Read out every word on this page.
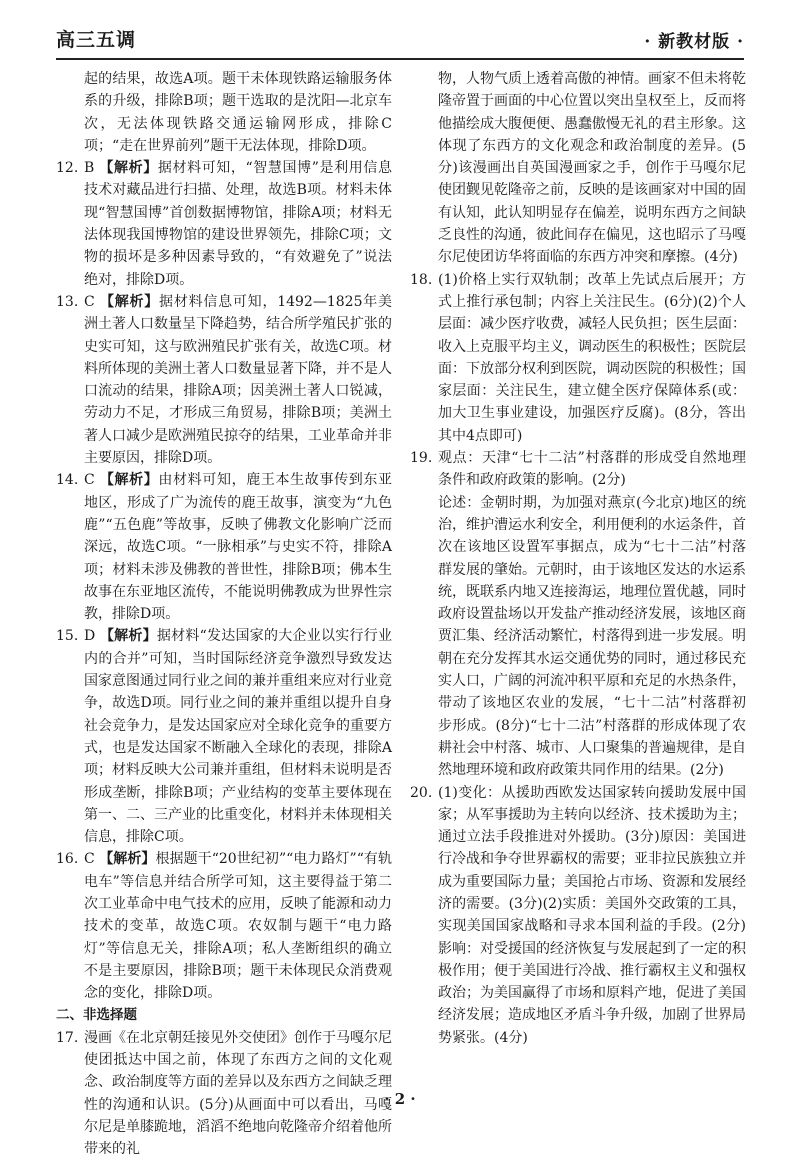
高三五调	· 新教材版 ·
起的结果，故选A项。题干未体现铁路运输服务体系的升级，排除B项；题干选取的是沈阳—北京车次，无法体现铁路交通运输网形成，排除C项；“走在世界前列”题干无法体现，排除D项。
12. B 【解析】据材料可知，“智慧国博”是利用信息技术对藏品进行扫描、处理，故选B项。材料未体现“智慧国博”首创数据博物馆，排除A项；材料无法体现我国博物馆的建设世界领先，排除C项；文物的损坏是多种因素导致的，“有效避免了”说法绝对，排除D项。
13. C 【解析】据材料信息可知，1492—1825年美洲土著人口数量呈下降趋势，结合所学殖民扩张的史实可知，这与欧洲殖民扩张有关，故选C项。材料所体现的美洲土著人口数量显著下降，并不是人口流动的结果，排除A项；因美洲土著人口锐减，劳动力不足，才形成三角贸易，排除B项；美洲土著人口减少是欧洲殖民掠夺的结果，工业革命并非主要原因，排除D项。
14. C 【解析】由材料可知，鹿王本生故事传到东亚地区，形成了广为流传的鹿王故事，演变为“九色鹿”“五色鹿”等故事，反映了佛教文化影响广泛而深远，故选C项。“一脉相承”与史实不符，排除A项；材料未涉及佛教的普世性，排除B项；佛本生故事在东亚地区流传，不能说明佛教成为世界性宗教，排除D项。
15. D 【解析】据材料“发达国家的大企业以实行行业内的合并”可知，当时国际经济竞争激烈导致发达国家意图通过同行业之间的兼并重组来应对行业竞争，故选D项。同行业之间的兼并重组以提升自身社会竞争力，是发达国家应对全球化竞争的重要方式，也是发达国家不断融入全球化的表现，排除A项；材料反映大公司兼并重组，但材料未说明是否形成垄断，排除B项；产业结构的变革主要体现在第一、二、三产业的比重变化，材料并未体现相关信息，排除C项。
16. C 【解析】根据题干“20世纪初”“电力路灯”“有轨电车”等信息并结合所学可知，这主要得益于第二次工业革命中电气技术的应用，反映了能源和动力技术的变革，故选C项。农奴制与题干“电力路灯”等信息无关，排除A项；私人垄断组织的确立不是主要原因，排除B项；题干未体现民众消费观念的变化，排除D项。
二、非选择题
17. 漫画《在北京朝廷接见外交使团》创作于马嘎尔尼使团抵达中国之前，体现了东西方之间的文化观念、政治制度等方面的差异以及东西方之间缺乏理性的沟通和认识。(5分)从画面中可以看出，马嘎尔尼是单膝跪地，滔滔不绝地向乾隆帝介绍着他所带来的礼
物，人物气质上透着高傲的神情。画家不但未将乾隆帝置于画面的中心位置以突出皇权至上，反而将他描绘成大腹便便、愚蠢傲慢无礼的君主形象。这体现了东西方的文化观念和政治制度的差异。(5分)该漫画出自英国漫画家之手，创作于马嘎尔尼使团觐见乾隆帝之前，反映的是该画家对中国的固有认知，此认知明显存在偏差，说明东西方之间缺乏良性的沟通，彼此间存在偏见，这也昭示了马嘎尔尼使团访华将面临的东西方冲突和摩擦。(4分)
18. (1)价格上实行双轨制；改革上先试点后展开；方式上推行承包制；内容上关注民生。(6分)(2)个人层面：减少医疗收费，减轻人民负担；医生层面：收入上克服平均主义，调动医生的积极性；医院层面：下放部分权利到医院，调动医院的积极性；国家层面：关注民生，建立健全医疗保障体系(或：加大卫生事业建设，加强医疗反腐)。(8分，答出其中4点即可)
19. 观点：天津“七十二沽”村落群的形成受自然地理条件和政府政策的影响。(2分)
论述：金朝时期，为加强对燕京(今北京)地区的统治，维护漕运水利安全，利用便利的水运条件，首次在该地区设置军事据点，成为“七十二沽”村落群发展的肇始。元朝时，由于该地区发达的水运系统，既联系内地又连接海运，地理位置优越，同时政府设置盐场以开发盐产推动经济发展，该地区商贾汇集、经济活动繁忙，村落得到进一步发展。明朝在充分发挥其水运交通优势的同时，通过移民充实人口，广阔的河流冲积平原和充足的水热条件，带动了该地区农业的发展，“七十二沽”村落群初步形成。(8分)“七十二沽”村落群的形成体现了农耕社会中村落、城市、人口聚集的普遍规律，是自然地理环境和政府政策共同作用的结果。(2分)
20. (1)变化：从援助西欧发达国家转向援助发展中国家；从军事援助为主转向以经济、技术援助为主；通过立法手段推进对外援助。(3分)原因：美国进行冷战和争夺世界霸权的需要；亚非拉民族独立并成为重要国际力量；美国抢占市场、资源和发展经济的需要。(3分)(2)实质：美国外交政策的工具，实现美国国家战略和寻求本国利益的手段。(2分)影响：对受援国的经济恢复与发展起到了一定的积极作用；便于美国进行冷战、推行霸权主义和强权政治；为美国赢得了市场和原料产地，促进了美国经济发展；造成地区矛盾斗争升级，加剧了世界局势紧张。(4分)
· 2 ·
